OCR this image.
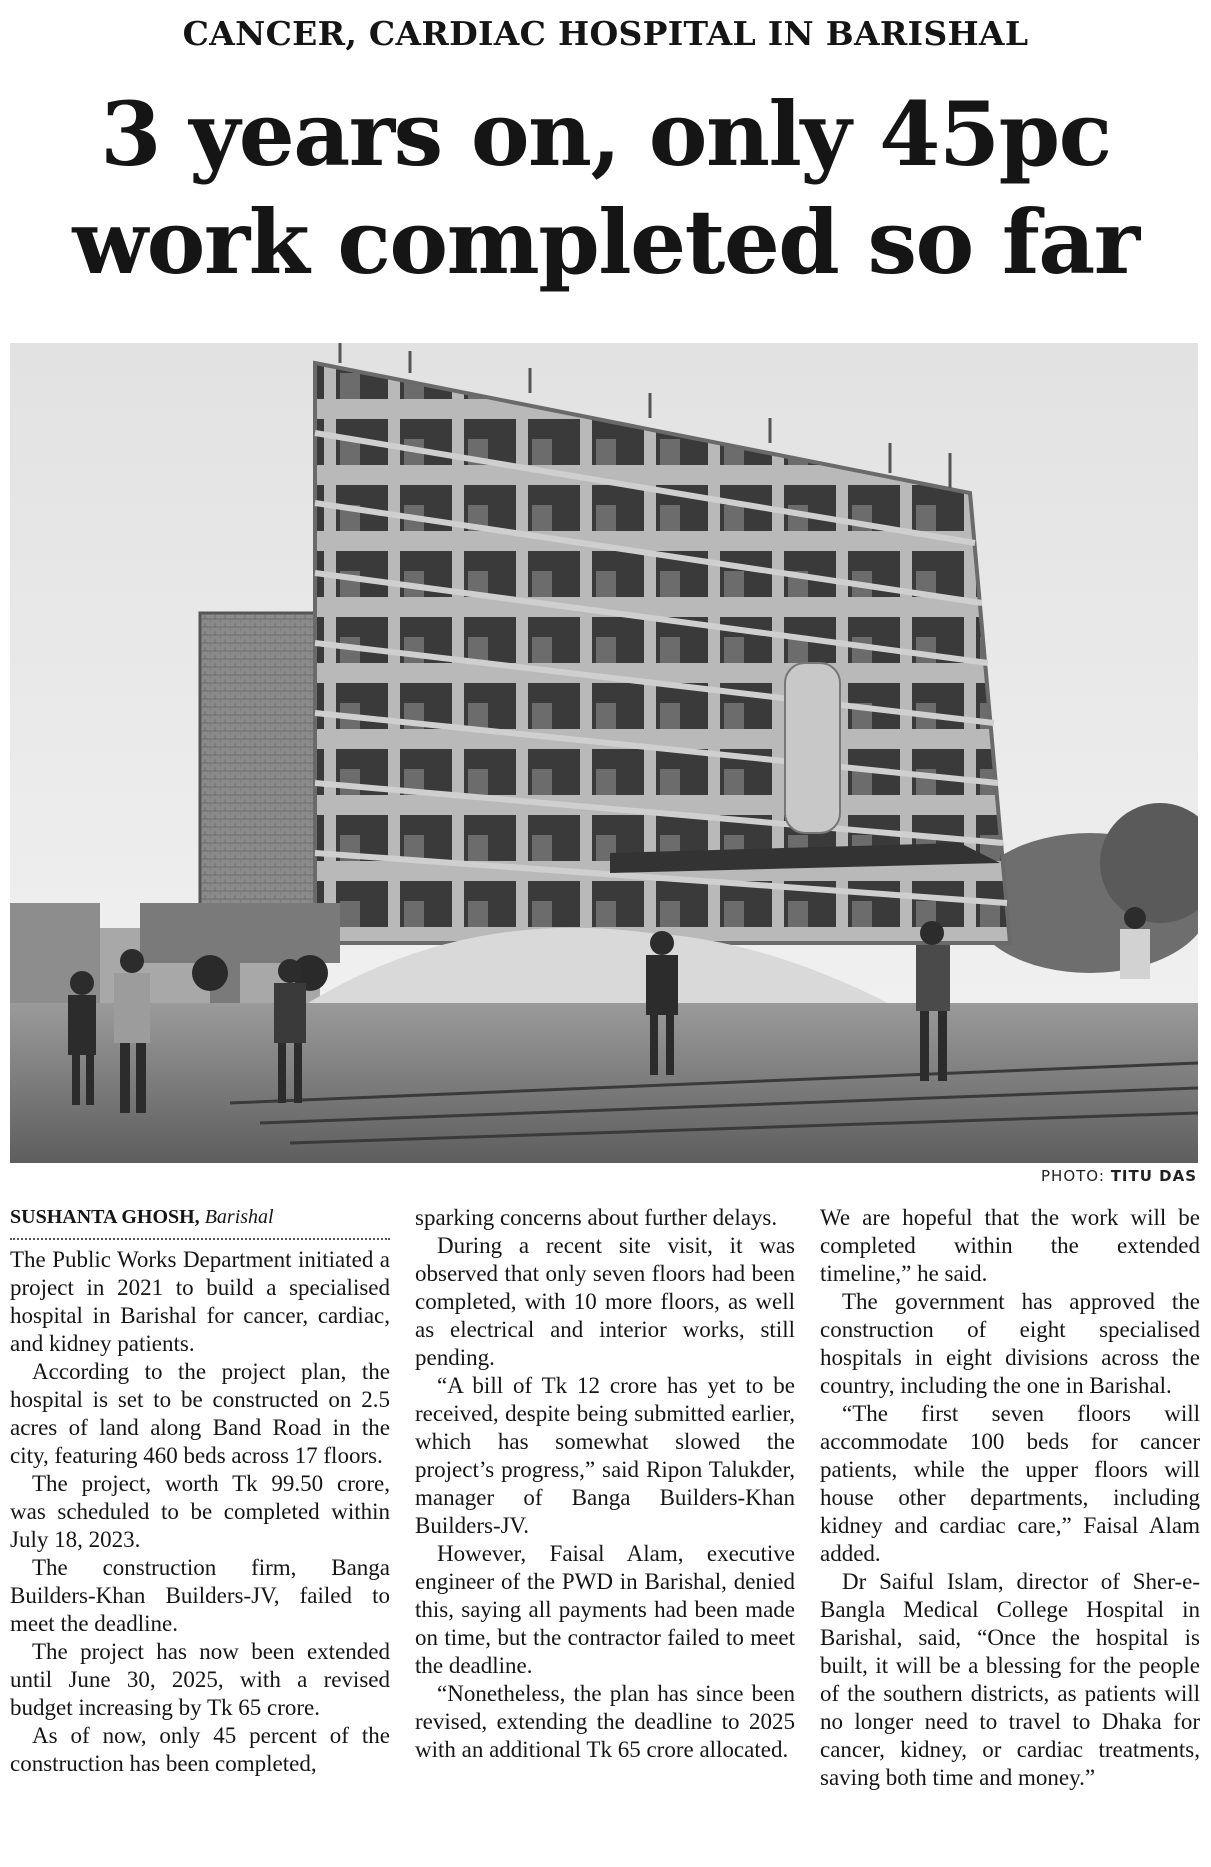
CANCER, CARDIAC HOSPITAL IN BARISHAL
3 years on, only 45pc
work completed so far
PHOTO: TITU DAS
SUSHANTA GHOSH, Barishal

The Public Works Department initiated a project in 2021 to build a specialised hospital in Barishal for cancer, cardiac, and kidney patients.

According to the project plan, the hospital is set to be constructed on 2.5 acres of land along Band Road in the city, featuring 460 beds across 17 floors.

The project, worth Tk 99.50 crore, was scheduled to be completed within July 18, 2023.

The construction firm, Banga Builders-Khan Builders-JV, failed to meet the deadline.

The project has now been extended until June 30, 2025, with a revised budget increasing by Tk 65 crore.

As of now, only 45 percent of the construction has been completed,

sparking concerns about further delays.

During a recent site visit, it was observed that only seven floors had been completed, with 10 more floors, as well as electrical and interior works, still pending.

“A bill of Tk 12 crore has yet to be received, despite being submitted earlier, which has somewhat slowed the project’s progress,” said Ripon Talukder, manager of Banga Builders-Khan Builders-JV.

However, Faisal Alam, executive engineer of the PWD in Barishal, denied this, saying all payments had been made on time, but the contractor failed to meet the deadline.

“Nonetheless, the plan has since been revised, extending the deadline to 2025 with an additional Tk 65 crore allocated.

We are hopeful that the work will be completed within the extended timeline,” he said.

The government has approved the construction of eight specialised hospitals in eight divisions across the country, including the one in Barishal.

“The first seven floors will accommodate 100 beds for cancer patients, while the upper floors will house other departments, including kidney and cardiac care,” Faisal Alam added.

Dr Saiful Islam, director of Sher-e-Bangla Medical College Hospital in Barishal, said, “Once the hospital is built, it will be a blessing for the people of the southern districts, as patients will no longer need to travel to Dhaka for cancer, kidney, or cardiac treatments, saving both time and money.”
